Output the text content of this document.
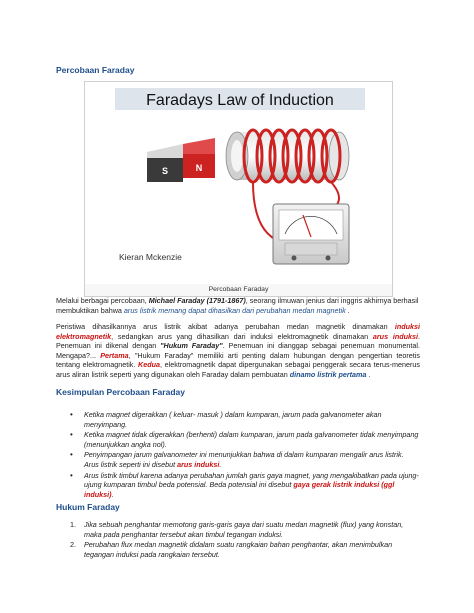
Percobaan Faraday
Faradays Law of Induction
S	N
Kieran Mckenzie
Percobaan Faraday
Melalui berbagai percobaan, Michael Faraday (1791-1867), seorang ilmuwan jenius dari inggris akhirnya berhasil membuktikan bahwa arus listrik memang dapat dihasilkan dari perubahan medan magnetik .
Peristiwa dihasilkannya arus listrik akibat adanya perubahan medan magnetik dinamakan induksi elektromagnetik, sedangkan arus yang dihasilkan dari induksi elektromagnetik dinamakan arus induksi. Penemuan ini dikenal dengan "Hukum Faraday". Penemuan ini dianggap sebagai penemuan monumental. Mengapa?... Pertama, "Hukum Faraday" memiliki arti penting dalam hubungan dengan pengertian teoretis tentang elektromagnetik. Kedua, elektromagnetik dapat dipergunakan sebagai penggerak secara terus-menerus arus aliran listrik seperti yang digunakan oleh Faraday dalam pembuatan dinamo listrik pertama .
Kesimpulan Percobaan Faraday
• Ketika magnet digerakkan ( keluar- masuk ) dalam kumparan, jarum pada galvanometer akan menyimpang.
• Ketika magnet tidak digerakkan (berhenti) dalam kumparan, jarum pada galvanometer tidak menyimpang (menunjukkan angka nol).
• Penyimpangan jarum galvanometer ini menunjukkan bahwa di dalam kumparan mengalir arus listrik. Arus listrik seperti ini disebut arus induksi.
• Arus listrik timbul karena adanya perubahan jumlah garis gaya magnet, yang mengakibatkan pada ujung-ujung kumparan timbul beda potensial. Beda potensial ini disebut gaya gerak listrik induksi (ggl induksi).
Hukum Faraday
1. Jika sebuah penghantar memotong garis-garis gaya dari suatu medan magnetik (flux) yang konstan, maka pada penghantar tersebut akan timbul tegangan induksi.
2. Perubahan flux medan magnetik didalam suatu rangkaian bahan penghantar, akan menimbulkan tegangan induksi pada rangkaian tersebut.
